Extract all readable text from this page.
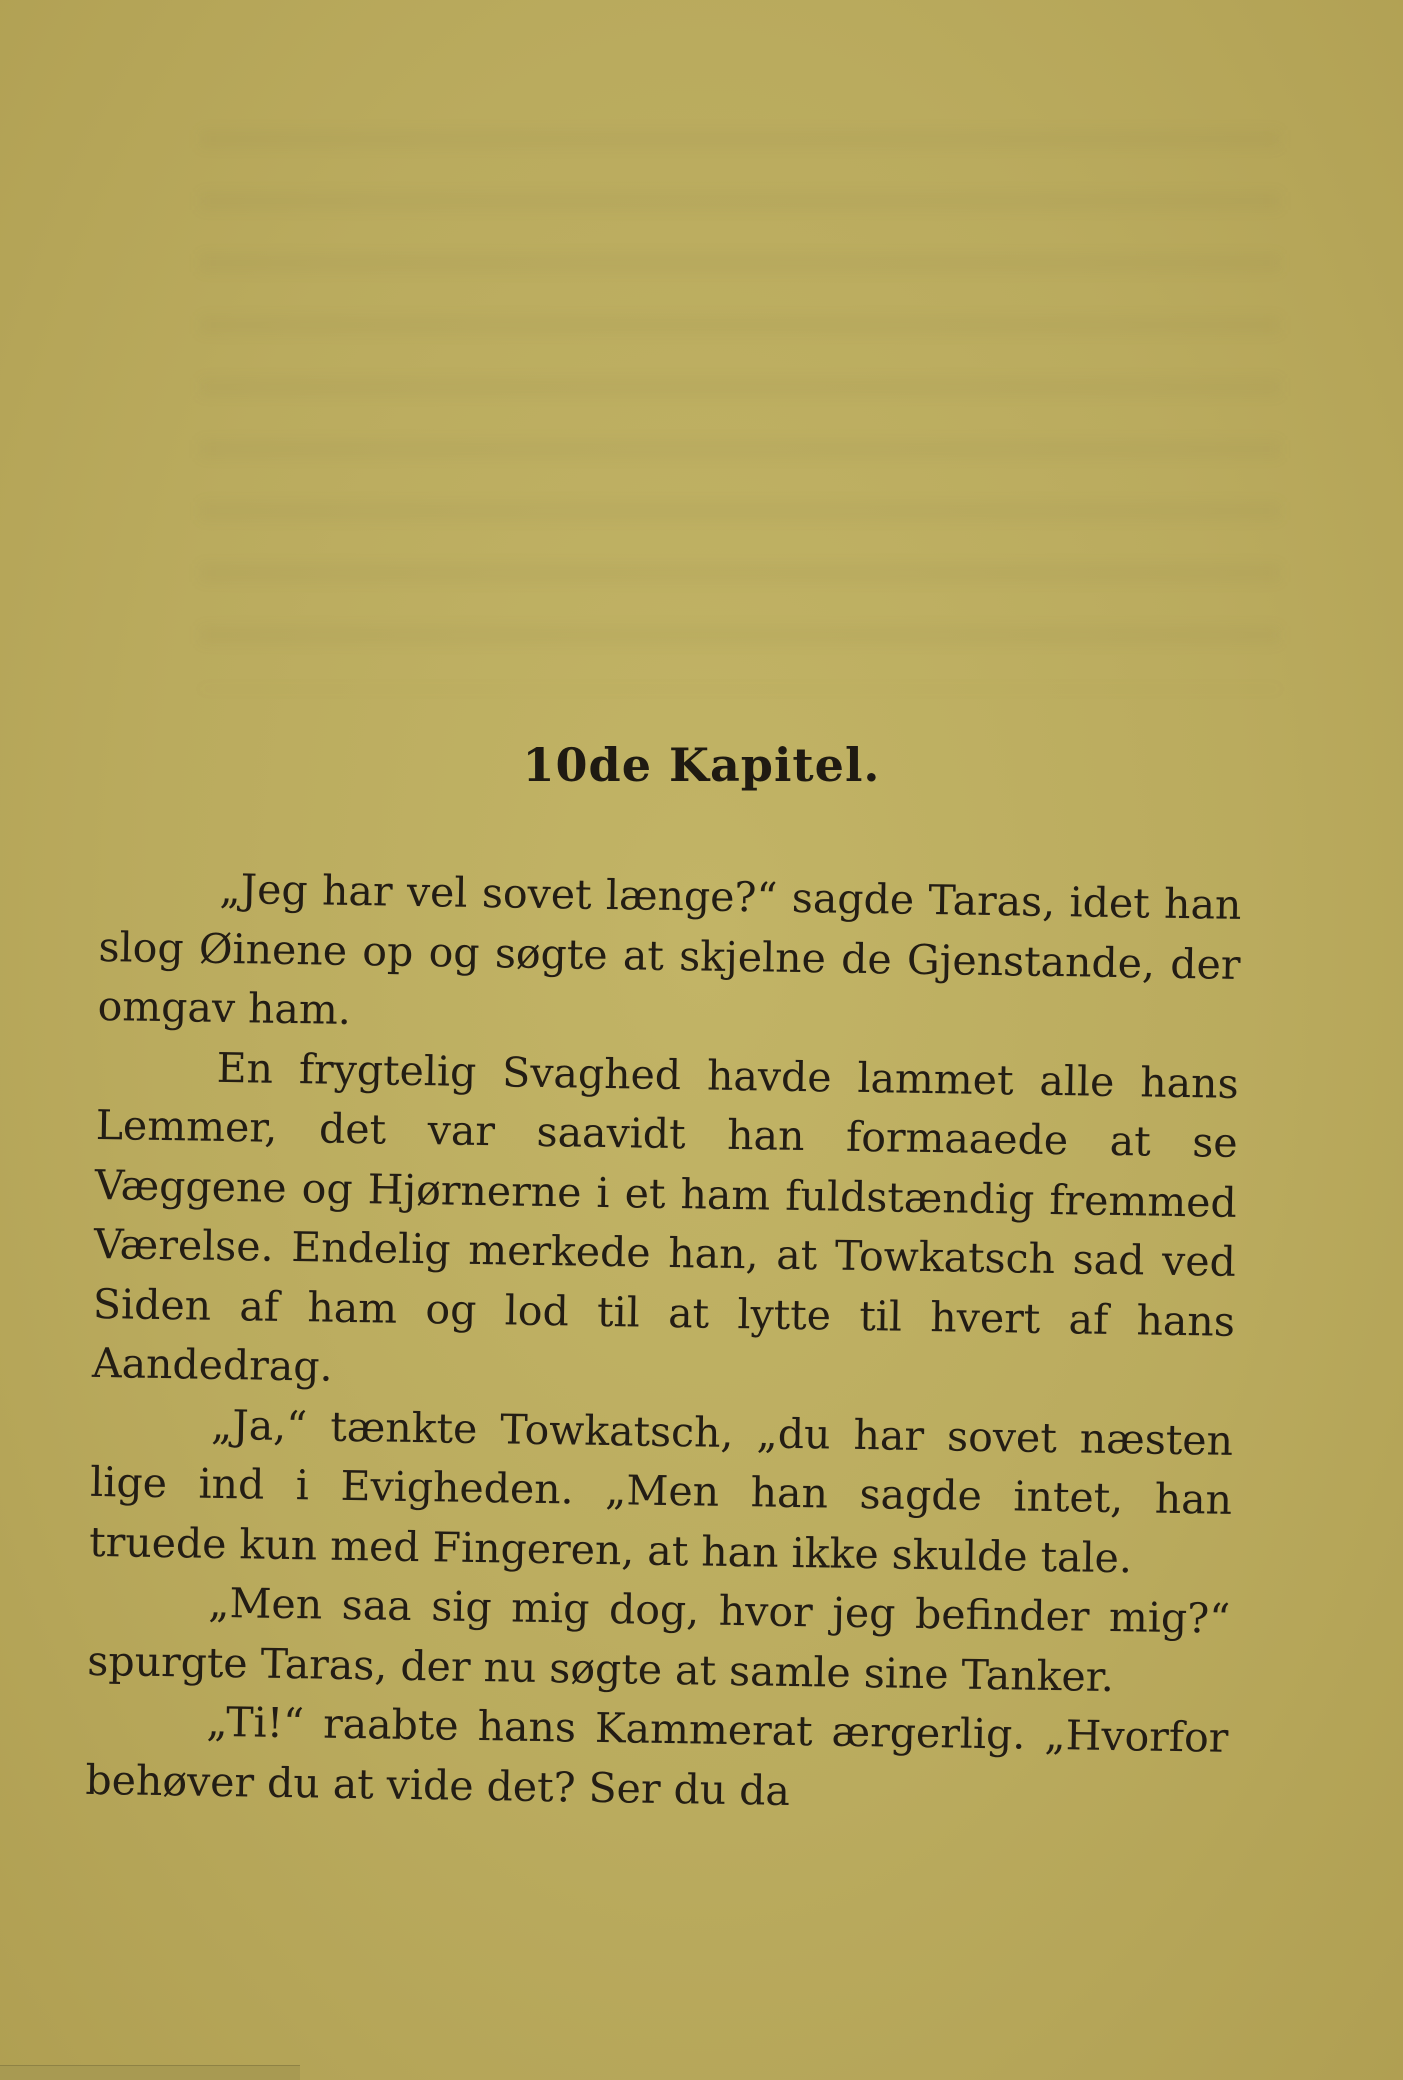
10de Kapitel.

„Jeg har vel sovet længe?“ sagde Taras, idet han slog Øinene op og søgte at skjelne de Gjenstande, der omgav ham.

En frygtelig Svaghed havde lammet alle hans Lemmer, det var saavidt han formaaede at se Væggene og Hjørnerne i et ham fuldstændig fremmed Værelse. Endelig merkede han, at Towkatsch sad ved Siden af ham og lod til at lytte til hvert af hans Aandedrag.

„Ja,“ tænkte Towkatsch, „du har sovet næsten lige ind i Evigheden. „Men han sagde intet, han truede kun med Fingeren, at han ikke skulde tale.

„Men saa sig mig dog, hvor jeg befinder mig?“ spurgte Taras, der nu søgte at samle sine Tanker.

„Ti!“ raabte hans Kammerat ærgerlig. „Hvorfor behøver du at vide det? Ser du da
